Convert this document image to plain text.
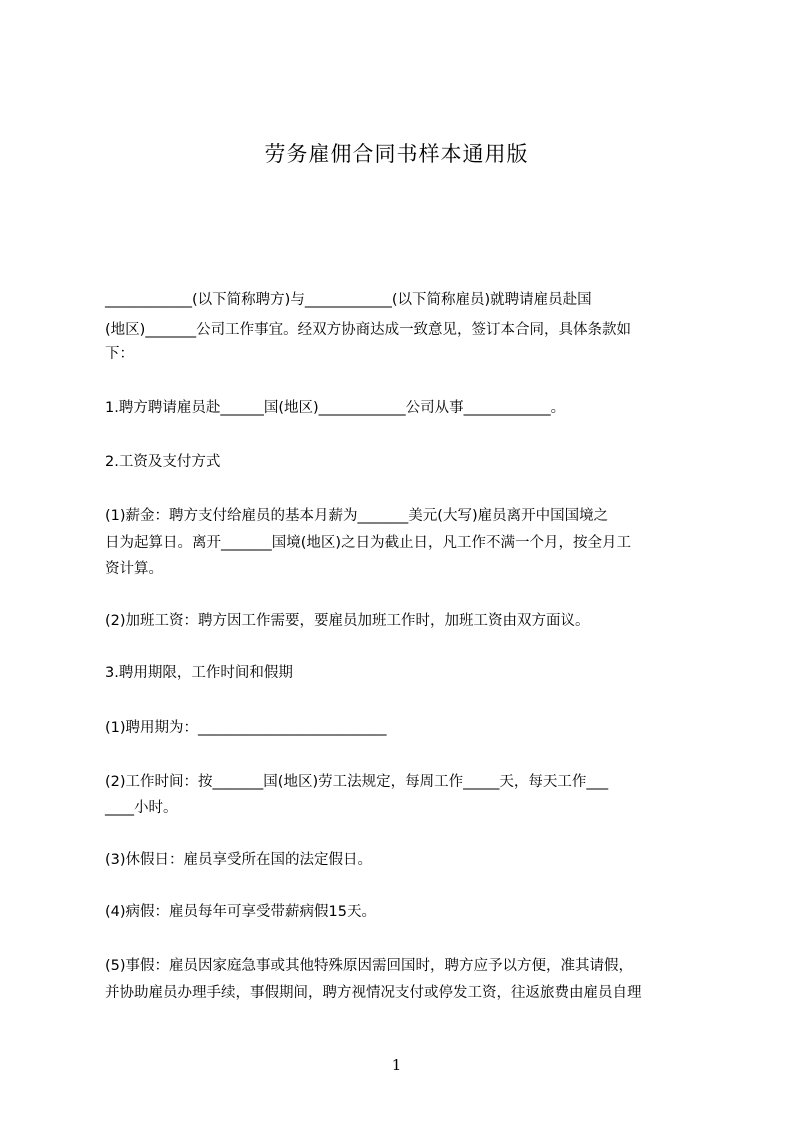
劳务雇佣合同书样本通用版
____________(以下简称聘方)与____________(以下简称雇员)就聘请雇员赴国
(地区)_______公司工作事宜。经双方协商达成一致意见，签订本合同，具体条款如
下：
1.聘方聘请雇员赴______国(地区)____________公司从事____________。
2.工资及支付方式
(1)薪金：聘方支付给雇员的基本月薪为_______美元(大写)雇员离开中国国境之
日为起算日。离开_______国境(地区)之日为截止日，凡工作不满一个月，按全月工
资计算。
(2)加班工资：聘方因工作需要，要雇员加班工作时，加班工资由双方面议。
3.聘用期限，工作时间和假期
(1)聘用期为：__________________________
(2)工作时间：按_______国(地区)劳工法规定，每周工作_____天，每天工作___
____小时。
(3)休假日：雇员享受所在国的法定假日。
(4)病假：雇员每年可享受带薪病假15天。
(5)事假：雇员因家庭急事或其他特殊原因需回国时，聘方应予以方便，准其请假，
并协助雇员办理手续，事假期间，聘方视情况支付或停发工资，往返旅费由雇员自理
1
